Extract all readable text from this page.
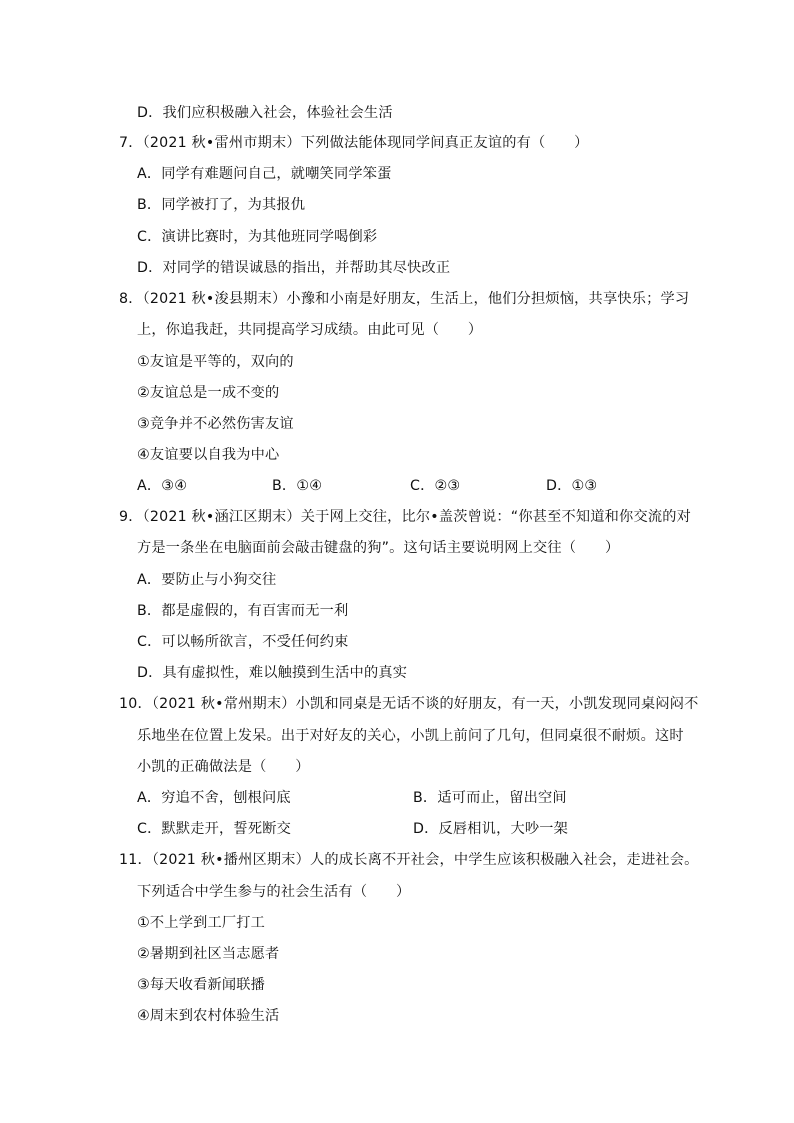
D．我们应积极融入社会，体验社会生活
7．（2021 秋•雷州市期末）下列做法能体现同学间真正友谊的有（　　）
A．同学有难题问自己，就嘲笑同学笨蛋
B．同学被打了，为其报仇
C．演讲比赛时，为其他班同学喝倒彩
D．对同学的错误诚恳的指出，并帮助其尽快改正
8．（2021 秋•浚县期末）小豫和小南是好朋友，生活上，他们分担烦恼，共享快乐；学习
上，你追我赶，共同提高学习成绩。由此可见（　　）
①友谊是平等的，双向的
②友谊总是一成不变的
③竞争并不必然伤害友谊
④友谊要以自我为中心
A．③④	B．①④	C．②③	D．①③
9．（2021 秋•涵江区期末）关于网上交往，比尔•盖茨曾说：“你甚至不知道和你交流的对
方是一条坐在电脑面前会敲击键盘的狗”。这句话主要说明网上交往（　　）
A．要防止与小狗交往
B．都是虚假的，有百害而无一利
C．可以畅所欲言，不受任何约束
D．具有虚拟性，难以触摸到生活中的真实
10．（2021 秋•常州期末）小凯和同桌是无话不谈的好朋友，有一天，小凯发现同桌闷闷不
乐地坐在位置上发呆。出于对好友的关心，小凯上前问了几句，但同桌很不耐烦。这时
小凯的正确做法是（　　）
A．穷追不舍，刨根问底	B．适可而止，留出空间
C．默默走开，誓死断交	D．反唇相讥，大吵一架
11．（2021 秋•播州区期末）人的成长离不开社会，中学生应该积极融入社会，走进社会。
下列适合中学生参与的社会生活有（　　）
①不上学到工厂打工
②暑期到社区当志愿者
③每天收看新闻联播
④周末到农村体验生活
